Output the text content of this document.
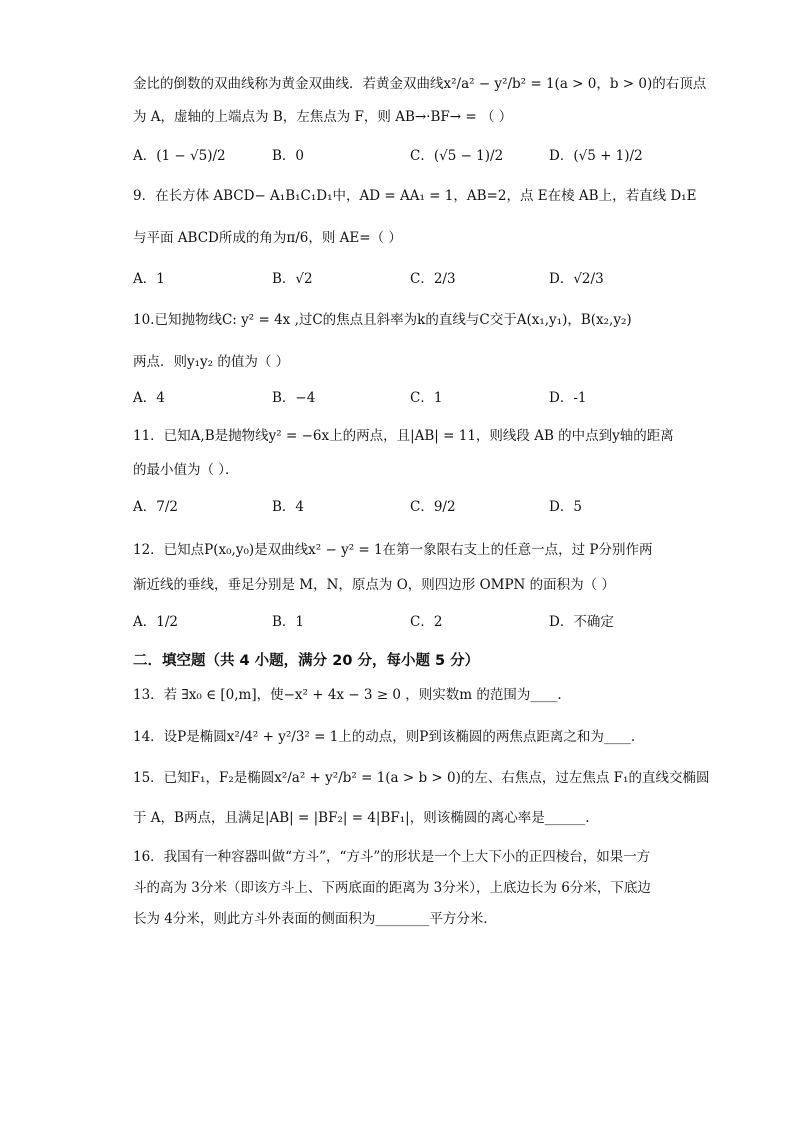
金比的倒数的双曲线称为黄金双曲线．若黄金双曲线x²/a² − y²/b² = 1(a > 0，b > 0)的右顶点
为 A，虚轴的上端点为 B，左焦点为 F，则 AB→·BF→ = （ ）
A．(1 − √5)/2	B．0	C．(√5 − 1)/2	D．(√5 + 1)/2
9．在长方体 ABCD− A₁B₁C₁D₁中，AD = AA₁ = 1，AB=2，点 E在棱 AB上，若直线 D₁E
与平面 ABCD所成的角为π/6，则 AE=（ ）
A．1	B．√2	C．2/3	D．√2/3
10.已知抛物线C: y² = 4x ,过C的焦点且斜率为k的直线与C交于A(x₁,y₁)，B(x₂,y₂)
两点．则y₁y₂ 的值为（ ）
A．4	B．−4	C．1	D．-1
11．已知A,B是抛物线y² = −6x上的两点，且|AB| = 11，则线段 AB 的中点到y轴的距离
的最小值为（ ）．
A．7/2	B．4	C．9/2	D．5
12．已知点P(x₀,y₀)是双曲线x² − y² = 1在第一象限右支上的任意一点，过 P分别作两
渐近线的垂线，垂足分别是 M，N，原点为 O，则四边形 OMPN 的面积为（ ）
A．1/2	B．1	C．2	D．不确定
二．填空题（共 4 小题，满分 20 分，每小题 5 分）
13．若 ∃x₀ ∈ [0,m]，使−x² + 4x − 3 ≥ 0 ，则实数m 的范围为____.
14．设P是椭圆x²/4² + y²/3² = 1上的动点，则P到该椭圆的两焦点距离之和为____.
15．已知F₁，F₂是椭圆x²/a² + y²/b² = 1(a > b > 0)的左、右焦点，过左焦点 F₁的直线交椭圆
于 A，B两点，且满足|AB| = |BF₂| = 4|BF₁|，则该椭圆的离心率是______.
16．我国有一种容器叫做“方斗”，“方斗”的形状是一个上大下小的正四棱台，如果一方
斗的高为 3分米（即该方斗上、下两底面的距离为 3分米），上底边长为 6分米，下底边
长为 4分米，则此方斗外表面的侧面积为________平方分米．
